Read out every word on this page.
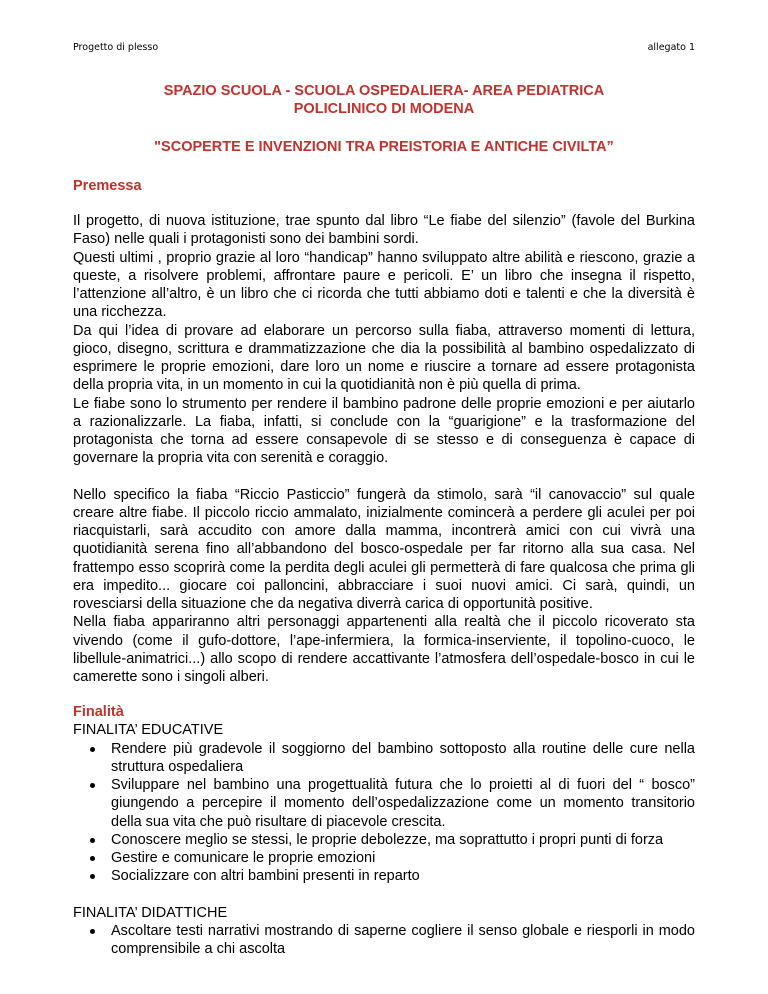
Progetto di plesso	allegato 1

SPAZIO SCUOLA - SCUOLA OSPEDALIERA- AREA PEDIATRICA

POLICLINICO DI MODENA

"SCOPERTE E INVENZIONI TRA PREISTORIA E ANTICHE CIVILTA”

Premessa

Il progetto, di nuova istituzione, trae spunto dal libro “Le fiabe del silenzio” (favole del Burkina Faso) nelle quali i protagonisti sono dei bambini sordi.

Questi ultimi , proprio grazie al loro “handicap” hanno sviluppato altre abilità e riescono, grazie a queste, a risolvere problemi, affrontare paure e pericoli. E’ un libro che insegna il rispetto, l’attenzione all’altro, è un libro che ci ricorda che tutti abbiamo doti e talenti e che la diversità è una ricchezza.

Da qui l’idea di provare ad elaborare un percorso sulla fiaba, attraverso momenti di lettura, gioco, disegno, scrittura e drammatizzazione che dia la possibilità al bambino ospedalizzato di esprimere le proprie emozioni, dare loro un nome e riuscire a tornare ad essere protagonista della propria vita, in un momento in cui la quotidianità non è più quella di prima.

Le fiabe sono lo strumento per rendere il bambino padrone delle proprie emozioni e per aiutarlo a razionalizzarle. La fiaba, infatti, si conclude con la “guarigione” e la trasformazione del protagonista che torna ad essere consapevole di se stesso e di conseguenza è capace di governare la propria vita con serenità e coraggio.

Nello specifico la fiaba “Riccio Pasticcio” fungerà da stimolo, sarà “il canovaccio” sul quale creare altre fiabe. Il piccolo riccio ammalato, inizialmente comincerà a perdere gli aculei per poi riacquistarli, sarà accudito con amore dalla mamma, incontrerà amici con cui vivrà una quotidianità serena fino all’abbandono del bosco-ospedale per far ritorno alla sua casa. Nel frattempo esso scoprirà come la perdita degli aculei gli permetterà di fare qualcosa che prima gli era impedito... giocare coi palloncini, abbracciare i suoi nuovi amici. Ci sarà, quindi, un rovesciarsi della situazione che da negativa diverrà carica di opportunità positive.

Nella fiaba appariranno altri personaggi appartenenti alla realtà che il piccolo ricoverato sta vivendo (come il gufo-dottore, l’ape-infermiera, la formica-inserviente, il topolino-cuoco, le libellule-animatrici...) allo scopo di rendere accattivante l’atmosfera dell’ospedale-bosco in cui le camerette sono i singoli alberi.

Finalità

FINALITA’ EDUCATIVE

Rendere più gradevole il soggiorno del bambino sottoposto alla routine delle cure nella struttura ospedaliera
Sviluppare nel bambino una progettualità futura che lo proietti al di fuori del “ bosco” giungendo a percepire il momento dell’ospedalizzazione come un momento transitorio della sua vita che può risultare di piacevole crescita.
Conoscere meglio se stessi, le proprie debolezze, ma soprattutto i propri punti di forza
Gestire e comunicare le proprie emozioni
Socializzare con altri bambini presenti in reparto

FINALITA’ DIDATTICHE

Ascoltare testi narrativi mostrando di saperne cogliere il senso globale e riesporli in modo comprensibile a chi ascolta
